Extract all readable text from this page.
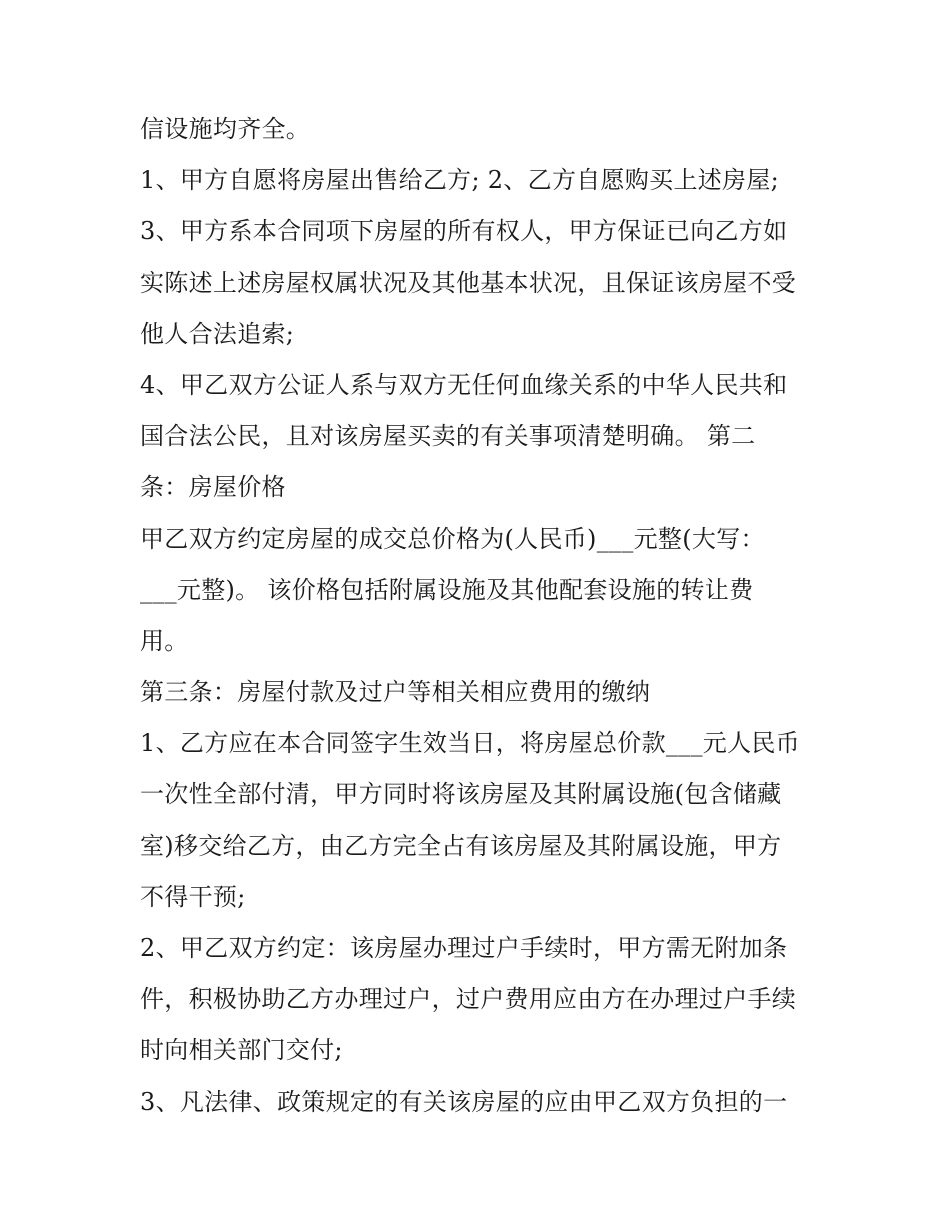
信设施均齐全。
1、甲方自愿将房屋出售给乙方; 2、乙方自愿购买上述房屋;
3、甲方系本合同项下房屋的所有权人，甲方保证已向乙方如
实陈述上述房屋权属状况及其他基本状况，且保证该房屋不受
他人合法追索;
4、甲乙双方公证人系与双方无任何血缘关系的中华人民共和
国合法公民，且对该房屋买卖的有关事项清楚明确。 第二
条：房屋价格
甲乙双方约定房屋的成交总价格为(人民币)___元整(大写：
___元整)。 该价格包括附属设施及其他配套设施的转让费
用。
第三条：房屋付款及过户等相关相应费用的缴纳
1、乙方应在本合同签字生效当日，将房屋总价款___元人民币
一次性全部付清，甲方同时将该房屋及其附属设施(包含储藏
室)移交给乙方，由乙方完全占有该房屋及其附属设施，甲方
不得干预;
2、甲乙双方约定：该房屋办理过户手续时，甲方需无附加条
件，积极协助乙方办理过户，过户费用应由方在办理过户手续
时向相关部门交付;
3、凡法律、政策规定的有关该房屋的应由甲乙双方负担的一
